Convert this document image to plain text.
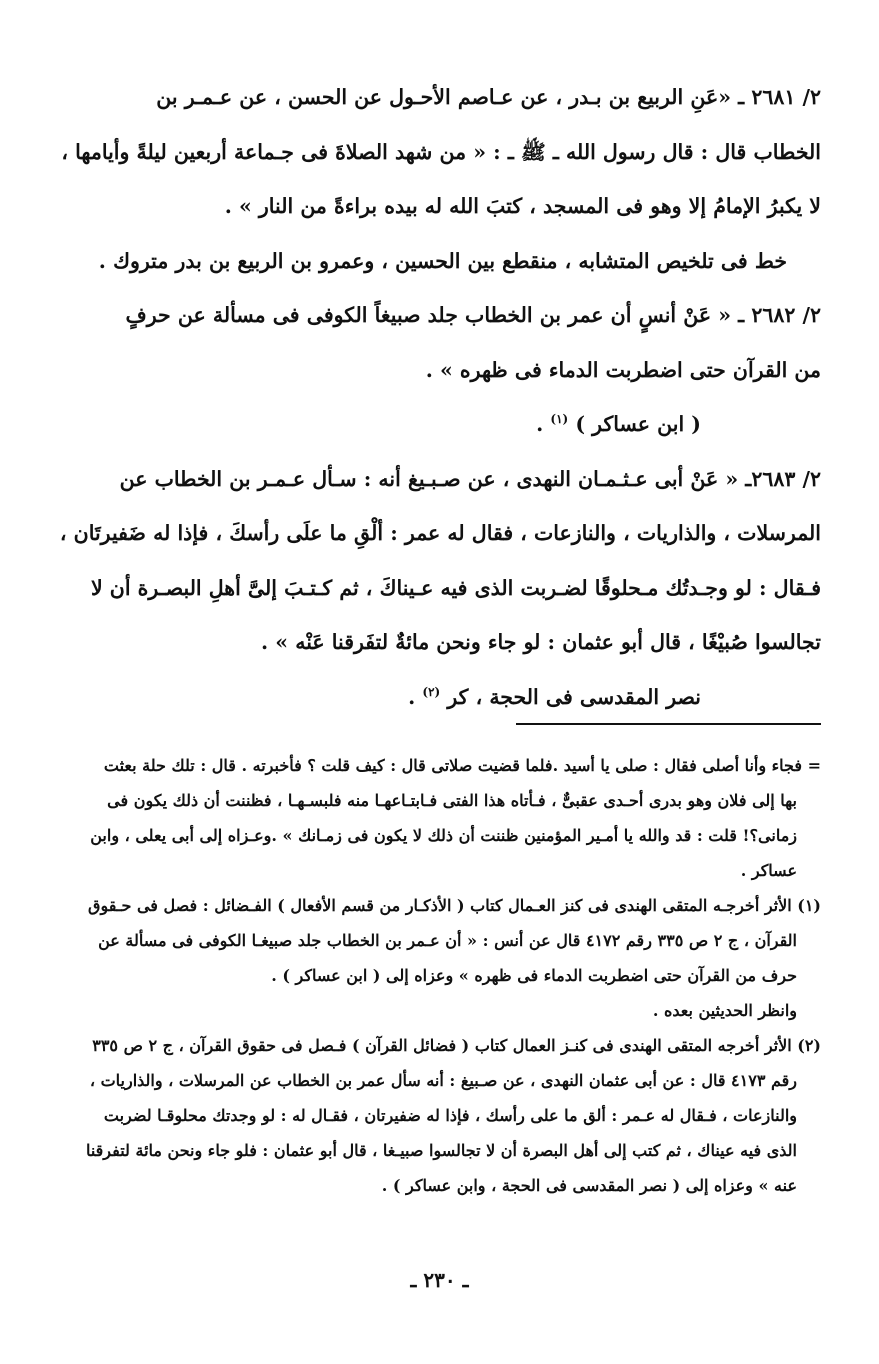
٢/ ٢٦٨١ ـ «عَنِ الربيع بن بـدر ، عن عـاصم الأحـول عن الحسن ، عن عـمـر بن

الخطاب قال : قال رسول الله ـ ﷺ ـ : « من شهد الصلاةَ فى جـماعة أربعين ليلةً وأيامها ،

لا يكبرُ الإمامُ إلا وهو فى المسجد ، كتبَ الله له بيده براءةً من النار » .

خط فى تلخيص المتشابه ، منقطع بين الحسين ، وعمرو بن الربيع بن بدر متروك .

٢/ ٢٦٨٢ ـ « عَنْ أنسٍ أن عمر بن الخطاب جلد صبيغاً الكوفى فى مسألة عن حرفٍ

من القرآن حتى اضطربت الدماء فى ظهره » .

( ابن عساكر ) $^{(١)}$ .

٢/ ٢٦٨٣ـ « عَنْ أبى عـثـمـان النهدى ، عن صـبـيغ أنه : سـأل عـمـر بن الخطاب عن

المرسلات ، والذاريات ، والنازعات ، فقال له عمر : ألْقِ ما علَى رأسكَ ، فإذا له ضَفيرتَان ،

فـقال : لو وجـدتُك مـحلوقًا لضـربت الذى فيه عـيناكَ ، ثم كـتـبَ إلىَّ أهلِ البصـرة أن لا

تجالسوا صُبيْغًا ، قال أبو عثمان : لو جاء ونحن مائةٌ لتفَرقنا عَنْه » .

نصر المقدسى فى الحجة ، كر $^{(٢)}$ .

= فجاء وأنا أصلى فقال : صلى يا أسيد .فلما قضيت صلاتى قال : كيف قلت ؟ فأخبرته . قال : تلك حلة بعثت

بها إلى فلان وهو بدرى أحـدى عقبىٌّ ، فـأتاه هذا الفتى فـابتـاعهـا منه فلبسـهـا ، فظننت أن ذلك يكون فى

زمانى؟! قلت : قد والله يا أمـير المؤمنين ظننت أن ذلك لا يكون فى زمـانك » .وعـزاه إلى أبى يعلى ، وابن

عساكر .

(١) الأثر أخرجـه المتقى الهندى فى كنز العـمال كتاب ( الأذكـار من قسم الأفعال ) الفـضائل : فصل فى حـقوق

القرآن ، ج ٢ ص ٣٣٥ رقم ٤١٧٢ قال عن أنس : « أن عـمر بن الخطاب جلد صبيغـا الكوفى فى مسألة عن

حرف من القرآن حتى اضطربت الدماء فى ظهره » وعزاه إلى ( ابن عساكر ) .

وانظر الحديثين بعده .

(٢) الأثر أخرجه المتقى الهندى فى كنـز العمال كتاب ( فضائل القرآن ) فـصل فى حقوق القرآن ، ج ٢ ص ٣٣٥

رقم ٤١٧٣ قال : عن أبى عثمان النهدى ، عن صـبيغ : أنه سأل عمر بن الخطاب عن المرسلات ، والذاريات ،

والنازعات ، فـقال له عـمر : ألق ما على رأسك ، فإذا له ضفيرتان ، فقـال له : لو وجدتك محلوقـا لضربت

الذى فيه عيناك ، ثم كتب إلى أهل البصرة أن لا تجالسوا صبيـغا ، قال أبو عثمان : فلو جاء ونحن مائة لتفرقنا

عنه » وعزاه إلى ( نصر المقدسى فى الحجة ، وابن عساكر ) .

ـ ٢٣٠ ـ
